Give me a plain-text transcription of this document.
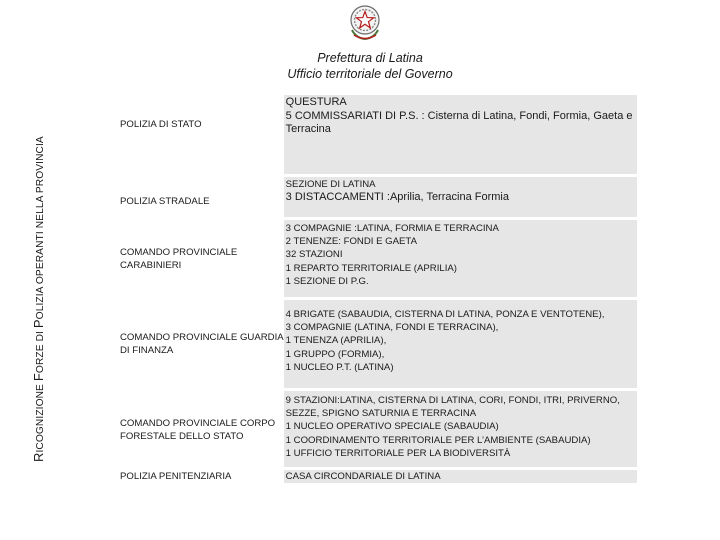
Prefettura di Latina
Ufficio territoriale del Governo
RICOGNIZIONE FORZE DI POLIZIA OPERANTI NELLA PROVINCIA
POLIZIA DI STATO	QUESTURA
5 COMMISSARIATI DI P.S. : Cisterna di Latina, Fondi, Formia, Gaeta e
Terracina

POLIZIA STRADALE	SEZIONE DI LATINA
3 DISTACCAMENTI :Aprilia, Terracina Formia

COMANDO PROVINCIALE
CARABINIERI	3 COMPAGNIE :LATINA, FORMIA E TERRACINA
2 TENENZE: FONDI E GAETA
32 STAZIONI
1 REPARTO TERRITORIALE (APRILIA)
1 SEZIONE DI P.G.

COMANDO PROVINCIALE GUARDIA
DI FINANZA	4 BRIGATE (SABAUDIA, CISTERNA DI LATINA, PONZA E VENTOTENE),
3 COMPAGNIE (LATINA, FONDI E TERRACINA),
1 TENENZA (APRILIA),
1 GRUPPO (FORMIA),
1 NUCLEO P.T. (LATINA)

COMANDO PROVINCIALE CORPO
FORESTALE DELLO STATO	9 STAZIONI:LATINA, CISTERNA DI LATINA, CORI, FONDI, ITRI, PRIVERNO,
SEZZE, SPIGNO SATURNIA E TERRACINA
1 NUCLEO OPERATIVO SPECIALE (SABAUDIA)
1 COORDINAMENTO TERRITORIALE PER L’AMBIENTE (SABAUDIA)
1 UFFICIO TERRITORIALE PER LA BIODIVERSITÀ

POLIZIA PENITENZIARIA	CASA CIRCONDARIALE DI LATINA
